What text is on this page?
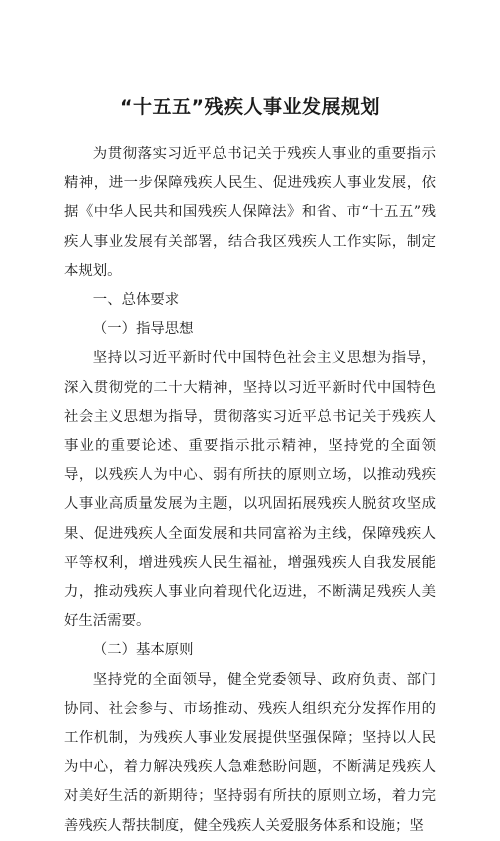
“十五五”残疾人事业发展规划

为贯彻落实习近平总书记关于残疾人事业的重要指示精神，进一步保障残疾人民生、促进残疾人事业发展，依据《中华人民共和国残疾人保障法》和省、市“十五五”残疾人事业发展有关部署，结合我区残疾人工作实际，制定本规划。

一、总体要求

（一）指导思想

坚持以习近平新时代中国特色社会主义思想为指导，深入贯彻党的二十大精神，坚持以习近平新时代中国特色社会主义思想为指导，贯彻落实习近平总书记关于残疾人事业的重要论述、重要指示批示精神，坚持党的全面领导，以残疾人为中心、弱有所扶的原则立场，以推动残疾人事业高质量发展为主题，以巩固拓展残疾人脱贫攻坚成果、促进残疾人全面发展和共同富裕为主线，保障残疾人平等权利，增进残疾人民生福祉，增强残疾人自我发展能力，推动残疾人事业向着现代化迈进，不断满足残疾人美好生活需要。

（二）基本原则

坚持党的全面领导，健全党委领导、政府负责、部门协同、社会参与、市场推动、残疾人组织充分发挥作用的工作机制，为残疾人事业发展提供坚强保障；坚持以人民为中心，着力解决残疾人急难愁盼问题，不断满足残疾人对美好生活的新期待；坚持弱有所扶的原则立场，着力完善残疾人帮扶制度，健全残疾人关爱服务体系和设施；坚
